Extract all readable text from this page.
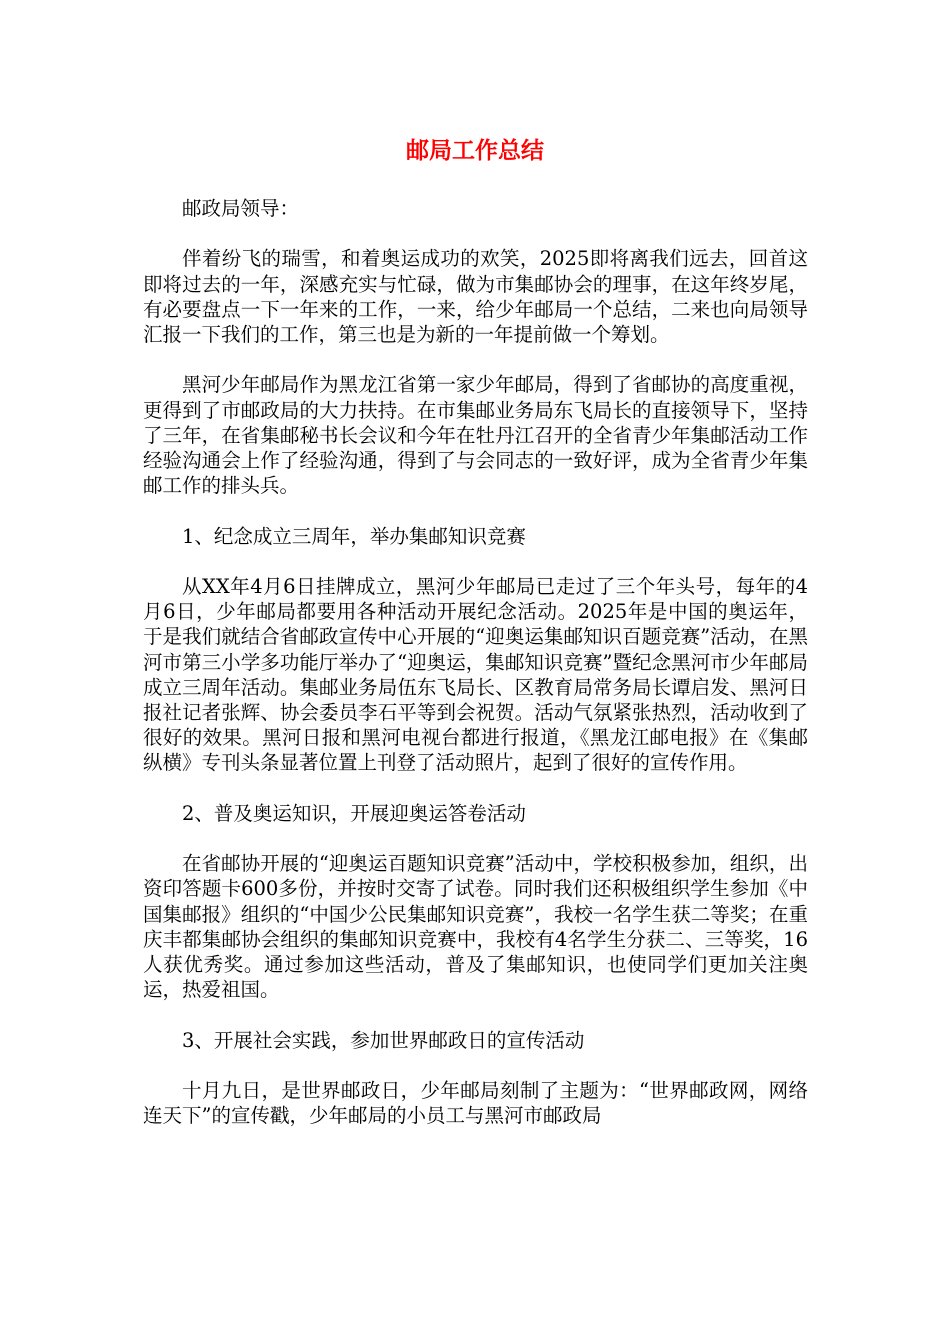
邮局工作总结

邮政局领导：

伴着纷飞的瑞雪，和着奥运成功的欢笑，2025即将离我们远去，回首这即将过去的一年，深感充实与忙碌，做为市集邮协会的理事，在这年终岁尾，有必要盘点一下一年来的工作，一来，给少年邮局一个总结，二来也向局领导汇报一下我们的工作，第三也是为新的一年提前做一个筹划。

黑河少年邮局作为黑龙江省第一家少年邮局，得到了省邮协的高度重视，更得到了市邮政局的大力扶持。在市集邮业务局东飞局长的直接领导下，坚持了三年，在省集邮秘书长会议和今年在牡丹江召开的全省青少年集邮活动工作经验沟通会上作了经验沟通，得到了与会同志的一致好评，成为全省青少年集邮工作的排头兵。

1、纪念成立三周年，举办集邮知识竞赛

从XX年4月6日挂牌成立，黑河少年邮局已走过了三个年头号，每年的4月6日，少年邮局都要用各种活动开展纪念活动。2025年是中国的奥运年，于是我们就结合省邮政宣传中心开展的“迎奥运集邮知识百题竞赛”活动，在黑河市第三小学多功能厅举办了“迎奥运，集邮知识竞赛”暨纪念黑河市少年邮局成立三周年活动。集邮业务局伍东飞局长、区教育局常务局长谭启发、黑河日报社记者张辉、协会委员李石平等到会祝贺。活动气氛紧张热烈，活动收到了很好的效果。黑河日报和黑河电视台都进行报道，《黑龙江邮电报》在《集邮纵横》专刊头条显著位置上刊登了活动照片，起到了很好的宣传作用。

2、普及奥运知识，开展迎奥运答卷活动

在省邮协开展的“迎奥运百题知识竞赛”活动中，学校积极参加，组织，出资印答题卡600多份，并按时交寄了试卷。同时我们还积极组织学生参加《中国集邮报》组织的“中国少公民集邮知识竞赛”，我校一名学生获二等奖；在重庆丰都集邮协会组织的集邮知识竞赛中，我校有4名学生分获二、三等奖，16人获优秀奖。通过参加这些活动，普及了集邮知识，也使同学们更加关注奥运，热爱祖国。

3、开展社会实践，参加世界邮政日的宣传活动

十月九日，是世界邮政日，少年邮局刻制了主题为：“世界邮政网，网络连天下”的宣传戳，少年邮局的小员工与黑河市邮政局
